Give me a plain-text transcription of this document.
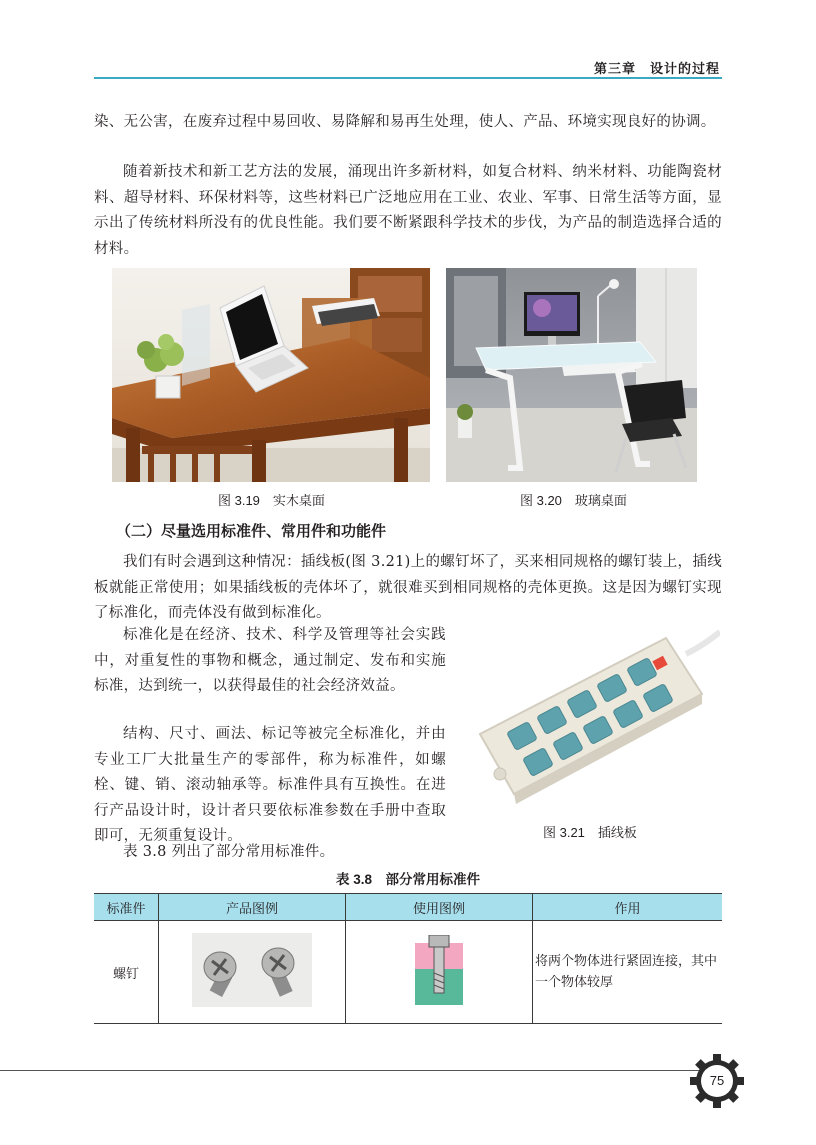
第三章　设计的过程

染、无公害，在废弃过程中易回收、易降解和易再生处理，使人、产品、环境实现良好的协调。

随着新技术和新工艺方法的发展，涌现出许多新材料，如复合材料、纳米材料、功能陶瓷材料、超导材料、环保材料等，这些材料已广泛地应用在工业、农业、军事、日常生活等方面，显示出了传统材料所没有的优良性能。我们要不断紧跟科学技术的步伐，为产品的制造选择合适的材料。

图 3.19　实木桌面	图 3.20　玻璃桌面
（二）尽量选用标准件、常用件和功能件

我们有时会遇到这种情况：插线板(图 3.21)上的螺钉坏了，买来相同规格的螺钉装上，插线板就能正常使用；如果插线板的壳体坏了，就很难买到相同规格的壳体更换。这是因为螺钉实现了标准化，而壳体没有做到标准化。

标准化是在经济、技术、科学及管理等社会实践中，对重复性的事物和概念，通过制定、发布和实施标准，达到统一，以获得最佳的社会经济效益。

结构、尺寸、画法、标记等被完全标准化，并由专业工厂大批量生产的零部件，称为标准件，如螺栓、键、销、滚动轴承等。标准件具有互换性。在进行产品设计时，设计者只要依标准参数在手册中查取即可，无须重复设计。

表 3.8 列出了部分常用标准件。

图 3.21　插线板
表 3.8　部分常用标准件
标准件	产品图例	使用图例	作用
螺钉			将两个物体进行紧固连接，其中一个物体较厚
75
